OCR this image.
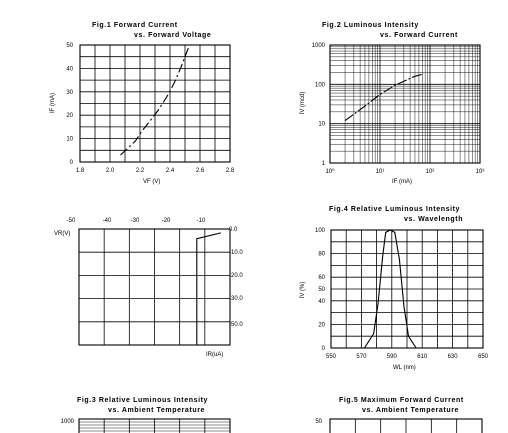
Fig.1 Forward Current
vs. Forward Voltage
1.8	2.0	2.2	2.4	2.6	2.8
0
10
20
30
40
50
VF (V)
IF (mA)
Fig.2 Luminous Intensity
vs. Forward Current
10⁰	10¹	10²	10³
1
10
100
1000
IF (mA)
IV (mcd)
-50	-40	-30	-20	-10
0.0
-10.0
-20.0
-30.0
-50.0
VR(V)
IR(uA)
Fig.4 Relative Luminous Intensity
vs. Wavelength
550	570	590	610	630	650
0
20
40
50
60
80
100
WL (nm)
IV (%)
Fig.3 Relative Luminous Intensity
vs. Ambient Temperature
1000
Fig.5 Maximum Forward Current
vs. Ambient Temperature
50
